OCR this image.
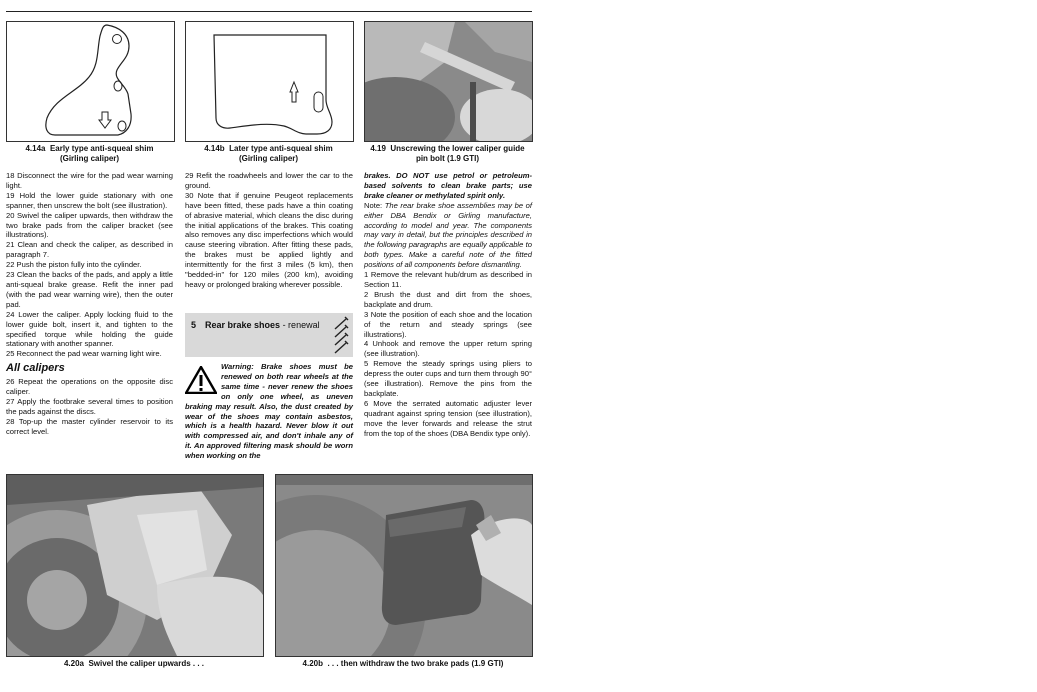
4.14a Early type anti-squeal shim
(Girling caliper)
4.14b Later type anti-squeal shim
(Girling caliper)
4.19 Unscrewing the lower caliper guide
pin bolt (1.9 GTI)

18 Disconnect the wire for the pad wear warning light.

19 Hold the lower guide stationary with one spanner, then unscrew the bolt (see illustration).

20 Swivel the caliper upwards, then withdraw the two brake pads from the caliper bracket (see illustrations).

21 Clean and check the caliper, as described in paragraph 7.

22 Push the piston fully into the cylinder.

23 Clean the backs of the pads, and apply a little anti-squeal brake grease. Refit the inner pad (with the pad wear warning wire), then the outer pad.

24 Lower the caliper. Apply locking fluid to the lower guide bolt, insert it, and tighten to the specified torque while holding the guide stationary with another spanner.

25 Reconnect the pad wear warning light wire.

All calipers

26 Repeat the operations on the opposite disc caliper.

27 Apply the footbrake several times to position the pads against the discs.

28 Top-up the master cylinder reservoir to its correct level.

29 Refit the roadwheels and lower the car to the ground.

30 Note that if genuine Peugeot replacements have been fitted, these pads have a thin coating of abrasive material, which cleans the disc during the initial applications of the brakes. This coating also removes any disc imperfections which would cause steering vibration. After fitting these pads, the brakes must be applied lightly and intermittently for the first 3 miles (5 km), then "bedded-in" for 120 miles (200 km), avoiding heavy or prolonged braking wherever possible.

5 Rear brake shoes - renewal
Warning: Brake shoes must be renewed on both rear wheels at the same time - never renew the shoes on only one wheel, as uneven braking may result. Also, the dust created by wear of the shoes may contain asbestos, which is a health hazard. Never blow it out with compressed air, and don't inhale any of it. An approved filtering mask should be worn when working on the

brakes. DO NOT use petrol or petroleum-based solvents to clean brake parts; use brake cleaner or methylated spirit only.

Note: The rear brake shoe assemblies may be of either DBA Bendix or Girling manufacture, according to model and year. The components may vary in detail, but the principles described in the following paragraphs are equally applicable to both types. Make a careful note of the fitted positions of all components before dismantling.

1 Remove the relevant hub/drum as described in Section 11.

2 Brush the dust and dirt from the shoes, backplate and drum.

3 Note the position of each shoe and the location of the return and steady springs (see illustrations).

4 Unhook and remove the upper return spring (see illustration).

5 Remove the steady springs using pliers to depress the outer cups and turn them through 90° (see illustration). Remove the pins from the backplate.

6 Move the serrated automatic adjuster lever quadrant against spring tension (see illustration), move the lever forwards and release the strut from the top of the shoes (DBA Bendix type only).

4.20a Swivel the caliper upwards . . .	4.20b . . . then withdraw the two brake pads (1.9 GTI)
